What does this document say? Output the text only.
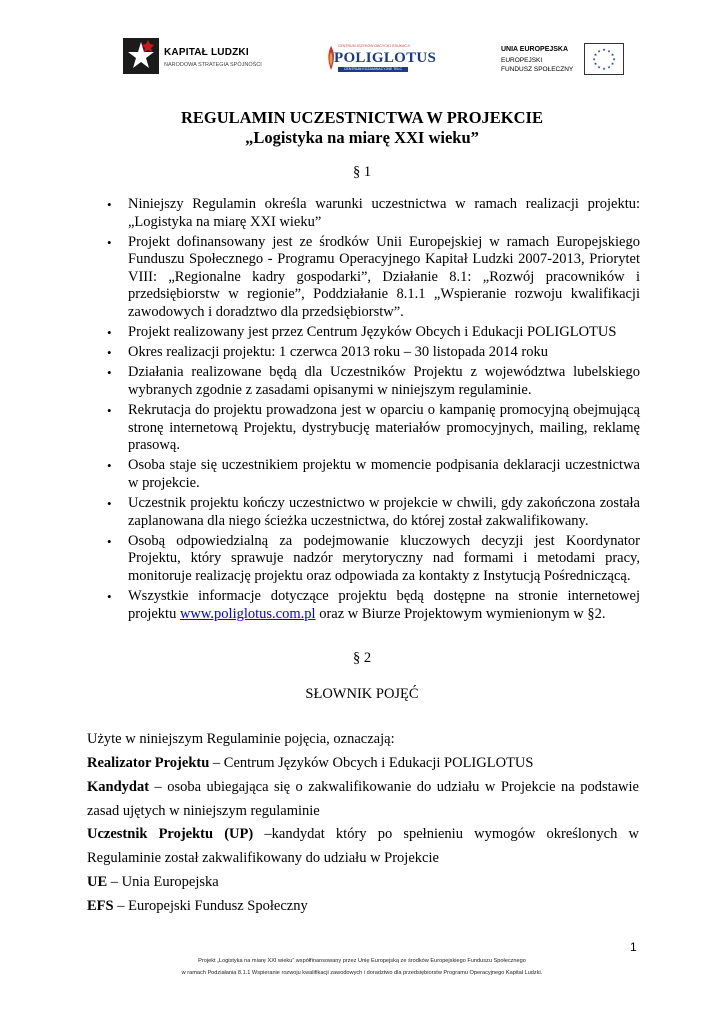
KAPITAŁ LUDZKI
NARODOWA STRATEGIA SPÓJNOŚCI
CENTRUM JĘZYKÓW OBCYCH I EDUKACJI
POLIGLOTUS
CENTRUM EGZAMINACYJNE TELC
UNIA EUROPEJSKA
EUROPEJSKI
FUNDUSZ SPOŁECZNY
★ ★
★
★
★
★
★
★
★
★
★
★
REGULAMIN UCZESTNICTWA W PROJEKCIE
„Logistyka na miarę XXI wieku”
§ 1
• Niniejszy Regulamin określa warunki uczestnictwa w ramach realizacji projektu: „Logistyka na miarę XXI wieku”
• Projekt dofinansowany jest ze środków Unii Europejskiej w ramach Europejskiego Funduszu Społecznego - Programu Operacyjnego Kapitał Ludzki 2007-2013, Priorytet VIII: „Regionalne kadry gospodarki”, Działanie 8.1: „Rozwój pracowników i przedsiębiorstw w regionie”, Poddziałanie 8.1.1 „Wspieranie rozwoju kwalifikacji zawodowych i doradztwo dla przedsiębiorstw”.
• Projekt realizowany jest przez Centrum Języków Obcych i Edukacji POLIGLOTUS
• Okres realizacji projektu: 1 czerwca 2013 roku – 30 listopada 2014 roku
• Działania realizowane będą dla Uczestników Projektu z województwa lubelskiego wybranych zgodnie z zasadami opisanymi w niniejszym regulaminie.
• Rekrutacja do projektu prowadzona jest w oparciu o kampanię promocyjną obejmującą stronę internetową Projektu, dystrybucję materiałów promocyjnych, mailing, reklamę prasową.
• Osoba staje się uczestnikiem projektu w momencie podpisania deklaracji uczestnictwa w projekcie.
• Uczestnik projektu kończy uczestnictwo w projekcie w chwili, gdy zakończona została zaplanowana dla niego ścieżka uczestnictwa, do której został zakwalifikowany.
• Osobą odpowiedzialną za podejmowanie kluczowych decyzji jest Koordynator Projektu, który sprawuje nadzór merytoryczny nad formami i metodami pracy, monitoruje realizację projektu oraz odpowiada za kontakty z Instytucją Pośredniczącą.
• Wszystkie informacje dotyczące projektu będą dostępne na stronie internetowej projektu www.poliglotus.com.pl oraz w Biurze Projektowym wymienionym w §2.
§ 2
SŁOWNIK POJĘĆ
Użyte w niniejszym Regulaminie pojęcia, oznaczają:

Realizator Projektu – Centrum Języków Obcych i Edukacji POLIGLOTUS

Kandydat – osoba ubiegająca się o zakwalifikowanie do udziału w Projekcie na podstawie zasad ujętych w niniejszym regulaminie

Uczestnik Projektu (UP) –kandydat który po spełnieniu wymogów określonych w Regulaminie został zakwalifikowany do udziału w Projekcie

UE – Unia Europejska

EFS – Europejski Fundusz Społeczny

1
Projekt „Logistyka na miarę XXI wieku” współfinansowany przez Unię Europejską ze środków Europejskiego Funduszu Społecznego
w ramach Podziałania 8.1.1 Wspieranie rozwoju kwalifikacji zawodowych i doradztwo dla przedsiębiorstw Programu Operacyjnego Kapitał Ludzki.
